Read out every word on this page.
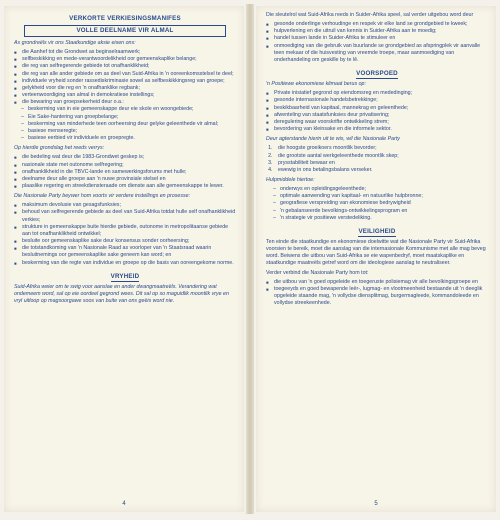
VERKORTE VERKIESINGSMANIFES
VOLLE DEELNAME VIR ALMAL

As grondreëls vir ons Staatkundige aksie eisen ons:

■ die Aanhef tot die Grondwet as beginselraamwerk;
■ selfbeskikking en mede-verantwoordelikheid oor gemeenskaplike belange;
■ die reg van selfregerende gebiede tot onafhanklikheid;
■ die reg van alle ander gebiede om as deel van Suid-Afrika in 'n ooreenkomsstelsel te deel;
■ individuele vryheid sonder rassediskriminasie sowel as selfbeskikkingsreg van groepe;
■ gelykheid voor die reg en 'n onafhanklike regbank;
■ verteenwoordiging van almal in demokratiese instellings;
■ die bewaring van groepsekerheid deur o.a.:
– beskerming van in eie gemeenskappe deur eie skole en woongebiede;
– Eie Sake-hantering van groepbelange;
– beskerming van minderhede teen oorheersing deur gelyke geleenthede vir almal;
– basiese menseregte;
– basiese eerbied vir individuele en groepregte.

Op hierdie grondslag het reeds verrys:

■ die bedeling wat deur die 1983-Grondwet geskep is;
■ nasionale state met outonome selfregering;
■ onafhanklikheid in die TBVC-lande en samewerkingsforums met hulle;
■ deelname deur alle groepe aan 'n nuwe provinsiale stelsel en
■ plaaslike regering en streekdiensteraade om dienste aan alle gemeenskappe te lewer.

Die Nasionale Party beywer hom voorts vir verdere instellings en prosesse:

■ maksimum devolusie van gesagsfunksies;
■ behoud van selfregerende gebiede as deel van Suid-Afrika totdat hulle self onafhanklikheid verkies;
■ strukture in gemeenskappe buite hierdie gebiede, outonome in metropolitaanse gebiede aan tot onafhanklikheid ontwikkel;
■ besluite oor gemeenskaplike sake deur konsensus sonder oorheersing;
■ die totstandkoming van 'n Nasionale Raad as voorloper van 'n Staatsraad waarin besluitnemings oor gemeenskaplike sake geneem kan word; en
■ beskerming van die regte van individue en groepe op die basis van ooreengekome norme.
VRYHEID

Suid-Afrika weier om te swig voor aanslae en ander dwangmaatreëls. Verandering wat ondemeem word, sal op eie oordeel gegrond wees. Dit sal op so maguidlik moontlik vrye en vryl uitloop op magsoorgawe soos van buite van ons geëis word nie.

4

Die sleutelrol wat Suid-Afrika reeds in Suider-Afrika speel, sal verder uitgebou word deur

■ gesonde onderlinge verhoudinge en respek vir elke land se grondgebied te kweek;
■ hulpverlening en die uitruil van kennis in Suider-Afrika aan te moedig;
■ handel tussen lande in Suider-Afrika te stimuleer en
■ onmoediging van die gebruik van buurlande se grondgebied as afspringplek vir aanvalle teen mekaar of die huisvesting van vreemde troepe, maar aanmoediging van onderhandeling om geskille by te lê.
VOORSPOED

'n Positiewe ekonomiese klimaat berus op:

■ Private inisiatief gegrond op eiendomsreg en mededinging;
■ gesonde internasionale handelsbetrekkinge;
■ beskikbaarheid van kapitaal, mannekrag en geleenthede;
■ afwenteling van staatsfunksies deur privatisering;
■ deregulering waar voorskrifte ontwikkeling strem;
■ bevordering van kleinsake en die informele sektor.

Deur agterstande hierin uit te wis, wil die Nasionale Party

1. die hoogste groeikoers moontlik bevorder;
2. die grootste aantal werkgeleenthede moontlik skep;
3. prysstabiliteit bewaar en
4. ewewig in ons betalingsbalans verseker.

Hulpmiddele hiertoe:

– onderwys en opleidingsgeleenthede;
– optimale aanwending van kapitaal- en natuurlike hulpbronne;
– geografiese verspreiding van ekonomiese bedrywigheid
– 'n gebalanseerde bevolkings-ontwikkelingsprogram en
– 'n strategie vir positiewe verstedeliking.
VEILIGHEID

Ten einde die staatkundige en ekonomiese doelwitte wat die Nasionale Party vir Suid-Afrika voorsien te bereik, moet die aanslag van die internasionale Kommunisme met alle mag beveg word. Beiwens die uitbou van Suid-Afrika se eie wapenbedryf, moet maatskaplike en staatkundige maatreëls getref word om die ideologiese aanslag te neutraliseer.

Verder verbind die Nasionale Party hom tot:

■ die uitbou van 'n goed opgeleide en toegeruste polisiemag vir alle bevolkingsgroepe en
■ toegeeyds en goed bewapende leër-, lugmag- en vlootmeenheid bestaande uit 'n deeglik opgeleide staande mag, 'n vollydse diensplitmag, burgermagleede, kommandoleede en vollydse streekeenhede.
5
